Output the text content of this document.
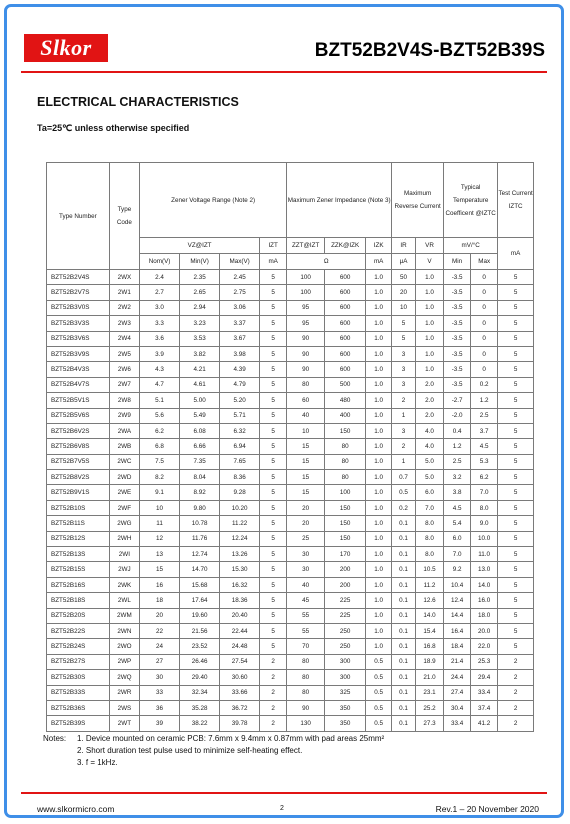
Slkor	BZT52B2V4S-BZT52B39S
ELECTRICAL CHARACTERISTICS
Ta=25℃ unless otherwise specified
Type Number	Type Code	Zener Voltage Range (Note 2)				Maximum Zener Impedance (Note 3)			Maximum Reverse Current		Typical Temperature Coefficent @IZTC		Test Current IZTC
		VZ@IZT			IZT	ZZT@IZT	ZZK@IZK	IZK	IR	VR	mV/°C		mA
		Nom(V)	Min(V)	Max(V)	mA	Ω		mA	μA	V	Min	Max	
BZT52B2V4S	2WX	2.4	2.35	2.45	5	100	600	1.0	50	1.0	-3.5	0	5
BZT52B2V7S	2W1	2.7	2.65	2.75	5	100	600	1.0	20	1.0	-3.5	0	5
BZT52B3V0S	2W2	3.0	2.94	3.06	5	95	600	1.0	10	1.0	-3.5	0	5
BZT52B3V3S	2W3	3.3	3.23	3.37	5	95	600	1.0	5	1.0	-3.5	0	5
BZT52B3V6S	2W4	3.6	3.53	3.67	5	90	600	1.0	5	1.0	-3.5	0	5
BZT52B3V9S	2W5	3.9	3.82	3.98	5	90	600	1.0	3	1.0	-3.5	0	5
BZT52B4V3S	2W6	4.3	4.21	4.39	5	90	600	1.0	3	1.0	-3.5	0	5
BZT52B4V7S	2W7	4.7	4.61	4.79	5	80	500	1.0	3	2.0	-3.5	0.2	5
BZT52B5V1S	2W8	5.1	5.00	5.20	5	60	480	1.0	2	2.0	-2.7	1.2	5
BZT52B5V6S	2W9	5.6	5.49	5.71	5	40	400	1.0	1	2.0	-2.0	2.5	5
BZT52B6V2S	2WA	6.2	6.08	6.32	5	10	150	1.0	3	4.0	0.4	3.7	5
BZT52B6V8S	2WB	6.8	6.66	6.94	5	15	80	1.0	2	4.0	1.2	4.5	5
BZT52B7V5S	2WC	7.5	7.35	7.65	5	15	80	1.0	1	5.0	2.5	5.3	5
BZT52B8V2S	2WD	8.2	8.04	8.36	5	15	80	1.0	0.7	5.0	3.2	6.2	5
BZT52B9V1S	2WE	9.1	8.92	9.28	5	15	100	1.0	0.5	6.0	3.8	7.0	5
BZT52B10S	2WF	10	9.80	10.20	5	20	150	1.0	0.2	7.0	4.5	8.0	5
BZT52B11S	2WG	11	10.78	11.22	5	20	150	1.0	0.1	8.0	5.4	9.0	5
BZT52B12S	2WH	12	11.76	12.24	5	25	150	1.0	0.1	8.0	6.0	10.0	5
BZT52B13S	2WI	13	12.74	13.26	5	30	170	1.0	0.1	8.0	7.0	11.0	5
BZT52B15S	2WJ	15	14.70	15.30	5	30	200	1.0	0.1	10.5	9.2	13.0	5
BZT52B16S	2WK	16	15.68	16.32	5	40	200	1.0	0.1	11.2	10.4	14.0	5
BZT52B18S	2WL	18	17.64	18.36	5	45	225	1.0	0.1	12.6	12.4	16.0	5
BZT52B20S	2WM	20	19.60	20.40	5	55	225	1.0	0.1	14.0	14.4	18.0	5
BZT52B22S	2WN	22	21.56	22.44	5	55	250	1.0	0.1	15.4	16.4	20.0	5
BZT52B24S	2WO	24	23.52	24.48	5	70	250	1.0	0.1	16.8	18.4	22.0	5
BZT52B27S	2WP	27	26.46	27.54	2	80	300	0.5	0.1	18.9	21.4	25.3	2
BZT52B30S	2WQ	30	29.40	30.60	2	80	300	0.5	0.1	21.0	24.4	29.4	2
BZT52B33S	2WR	33	32.34	33.66	2	80	325	0.5	0.1	23.1	27.4	33.4	2
BZT52B36S	2WS	36	35.28	36.72	2	90	350	0.5	0.1	25.2	30.4	37.4	2
BZT52B39S	2WT	39	38.22	39.78	2	130	350	0.5	0.1	27.3	33.4	41.2	2
Notes: 1. Device mounted on ceramic PCB: 7.6mm x 9.4mm x 0.87mm with pad areas 25mm²
2. Short duration test pulse used to minimize self-heating effect.
3. f = 1kHz.
www.slkormicro.com	2	Rev.1 – 20 November 2020
